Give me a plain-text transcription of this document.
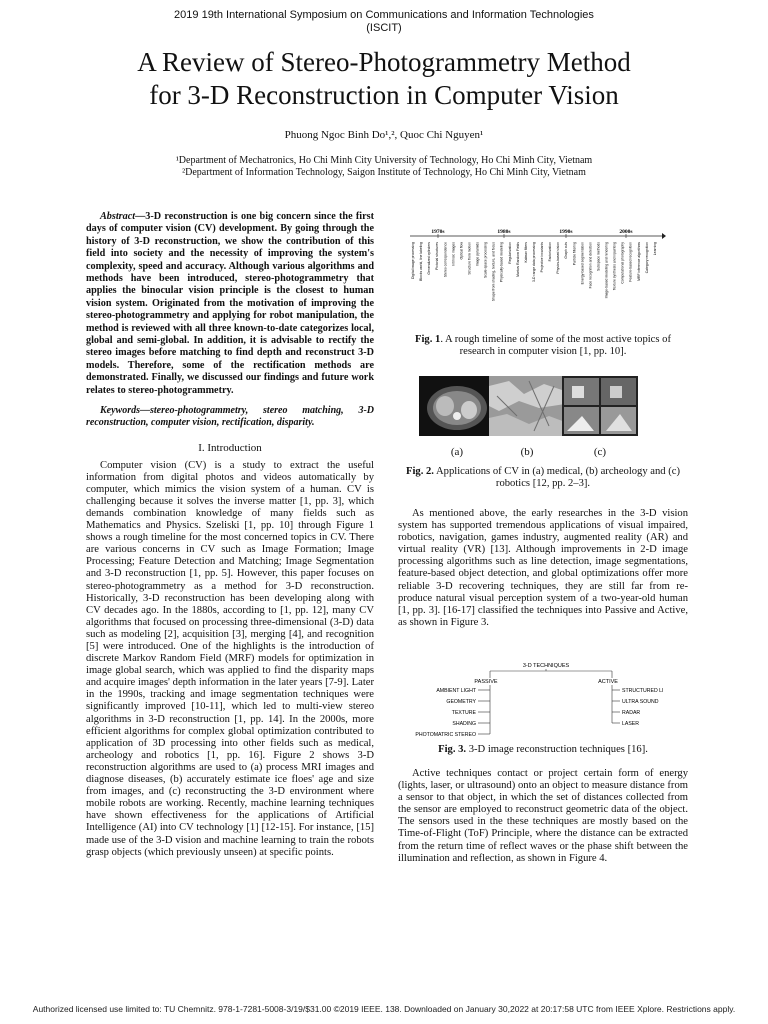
2019 19th International Symposium on Communications and Information Technologies
(ISCIT)
A Review of Stereo-Photogrammetry Method
for 3-D Reconstruction in Computer Vision
Phuong Ngoc Binh Do¹,², Quoc Chi Nguyen¹
¹Department of Mechatronics, Ho Chi Minh City University of Technology, Ho Chi Minh City, Vietnam
²Department of Information Technology, Saigon Institute of Technology, Ho Chi Minh City, Vietnam
Abstract—3-D reconstruction is one big concern since the first days of computer vision (CV) development. By going through the history of 3-D reconstruction, we show the contribution of this field into society and the necessity of improving the system's complexity, speed and accuracy. Although various algorithms and methods have been introduced, stereo-photogrammetry that applies the binocular vision principle is the closest to human vision system. Originated from the motivation of improving the stereo-photogrammetry and applying for robot manipulation, the method is reviewed with all three known-to-date categorizes local, global and semi-global. In addition, it is advisable to rectify the stereo images before matching to find depth and reconstruct 3-D models. Therefore, some of the rectification methods are demonstrated. Finally, we discussed our findings and future work relates to stereo-photogrammetry.
Keywords—stereo-photogrammetry, stereo matching, 3-D reconstruction, computer vision, rectification, disparity.
I. Introduction

Computer vision (CV) is a study to extract the useful information from digital photos and videos automatically by computer, which mimics the vision system of a human. CV is challenging because it solves the inverse matter [1, pp. 3], which demands combination knowledge of many fields such as Mathematics and Physics. Szeliski [1, pp. 10] through Figure 1 shows a rough timeline for the most concerned topics in CV. There are various concerns in CV such as Image Formation; Image Processing; Feature Detection and Matching; Image Segmentation and 3-D reconstruction [1, pp. 5]. However, this paper focuses on stereo-photogrammetry as a method for 3-D reconstruction. Historically, 3-D reconstruction has been developing along with CV decades ago. In the 1880s, according to [1, pp. 12], many CV algorithms that focused on processing three-dimensional (3-D) data such as modeling [2], acquisition [3], merging [4], and recognition [5] were introduced. One of the highlights is the introduction of discrete Markov Random Field (MRF) models for optimization in image global search, which was applied to find the disparity maps and acquire images' depth information in the later years [7-9]. Later in the 1990s, tracking and image segmentation techniques were significantly improved [10-11], which led to multi-view stereo algorithms in 3-D reconstruction [1, pp. 14]. In the 2000s, more efficient algorithms for complex global optimization contributed to application of 3D processing into other fields such as medical, archeology and robotics [1, pp. 16]. Figure 2 shows 3-D reconstruction algorithms are used to (a) process MRI images and diagnose diseases, (b) accurately estimate ice floes' age and size from images, and (c) reconstructing the 3-D environment where mobile robots are working. Recently, machine learning techniques have shown effectiveness for the applications of Artificial Intelligence (AI) into CV technology [1] [12-15]. For instance, [15] made use of the 3-D vision and machine learning to train the robots grasp objects (which previously unseen) at specific points.

1970s	1980s	1990s	2000s
Digital image processing Blocks world, line labeling Generalized cylinders Pictorial structures Stereo correspondence Intrinsic images Optical flow Structure from motion Image pyramids Scale-space processing Shape from shading, texture, and focus Physically-based modeling Regularization Markov Random Fields Kalman filters 3-D range data processing Projective invariants Factorization Physics-based vision Graph cuts Particle filtering Energy-based segmentation Face recognition and detection Subspace methods Image-based modeling and rendering Texture synthesis and inpainting Computational photography Feature-based recognition MRF inference algorithms Category recognition Learning
Fig. 1. A rough timeline of some of the most active topics of research in computer vision [1, pp. 10].
(a)	(b)	(c)
Fig. 2. Applications of CV in (a) medical, (b) archeology and (c) robotics [12, pp. 2–3].

As mentioned above, the early researches in the 3-D vision system has supported tremendous applications of visual impaired, robotics, navigation, games industry, augmented reality (AR) and virtual reality (VR) [13]. Although improvements in 2-D image processing algorithms such as line detection, image segmentations, feature-based object detection, and global optimizations offer more reliable 3-D recovering techniques, they are still far from re-produce natural visual perception system of a two-year-old human [1, pp. 3]. [16-17] classified the techniques into Passive and Active, as shown in Figure 3.

3-D TECHNIQUES
PASSIVE	ACTIVE
AMBIENT LIGHT
GEOMETRY
TEXTURE
SHADING
PHOTOMATRIC STEREO
STRUCTURED LI
ULTRA SOUND
RADAR
LASER
Fig. 3. 3-D image reconstruction techniques [16].

Active techniques contact or project certain form of energy (lights, laser, or ultrasound) onto an object to measure distance from a sensor to that object, in which the set of distances collected from the sensor are employed to reconstruct geometric data of the object. The sensors used in the these techniques are mostly based on the Time-of-Flight (ToF) Principle, where the distance can be extracted from the return time of reflect waves or the phase shift between the illumination and reflection, as shown in Figure 4.

Authorized licensed use limited to: TU Chemnitz. 978-1-7281-5008-3/19/$31.00 ©2019 IEEE. 138. Downloaded on January 30,2022 at 20:17:58 UTC from IEEE Xplore. Restrictions apply.
